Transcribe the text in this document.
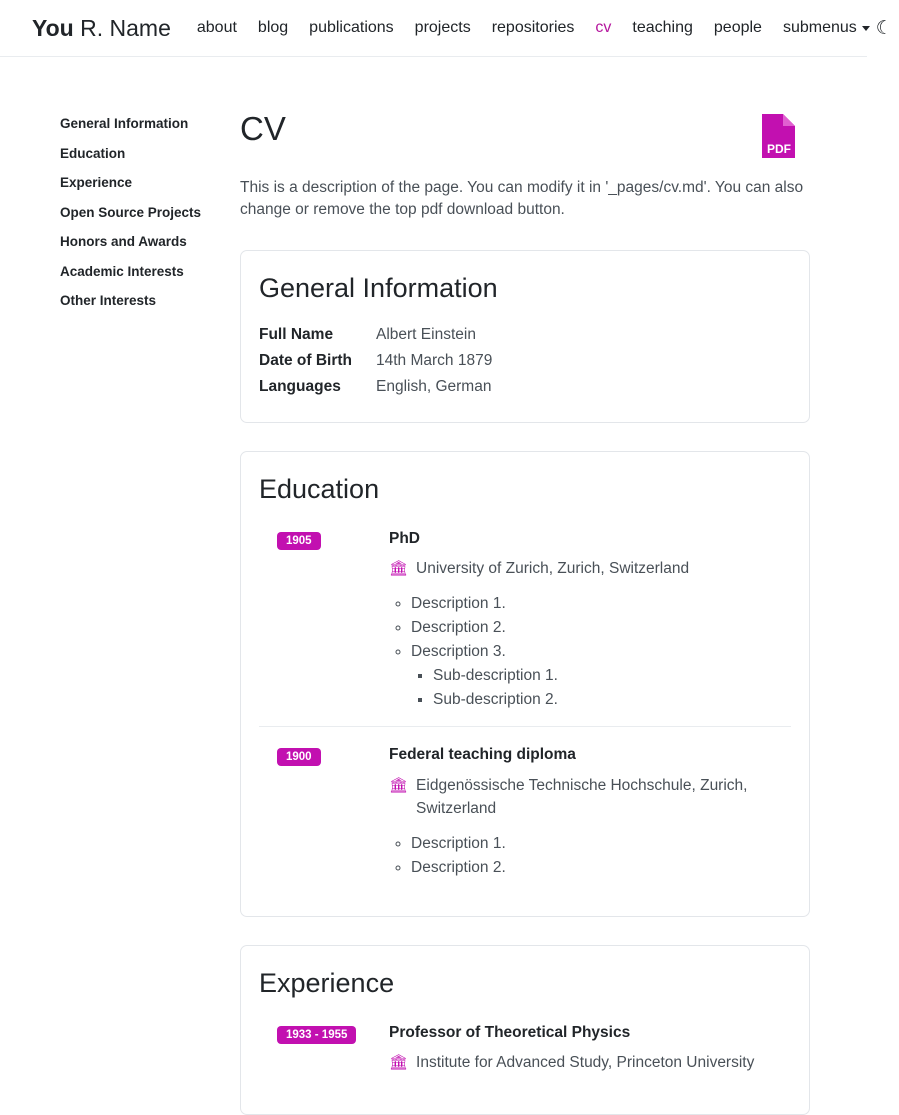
You R. Name about blog publications projects repositories cv teaching people submenus	☾
General Information
Education
Experience
Open Source Projects
Honors and Awards
Academic Interests
Other Interests
CV
PDF

This is a description of the page. You can modify it in '_pages/cv.md'. You can also change or remove the top pdf download button.

General Information
Full Name	Albert Einstein
Date of Birth	14th March 1879
Languages	English, German
Education
1905	PhD
🏛 University of Zurich, Zurich, Switzerland
◦ Description 1.
◦ Description 2.
◦ Description 3.
▪ Sub-description 1.
▪ Sub-description 2.
1900	Federal teaching diploma
🏛 Eidgenössische Technische Hochschule, Zurich, Switzerland
◦ Description 1.
◦ Description 2.
Experience
1933 - 1955	Professor of Theoretical Physics
🏛 Institute for Advanced Study, Princeton University
